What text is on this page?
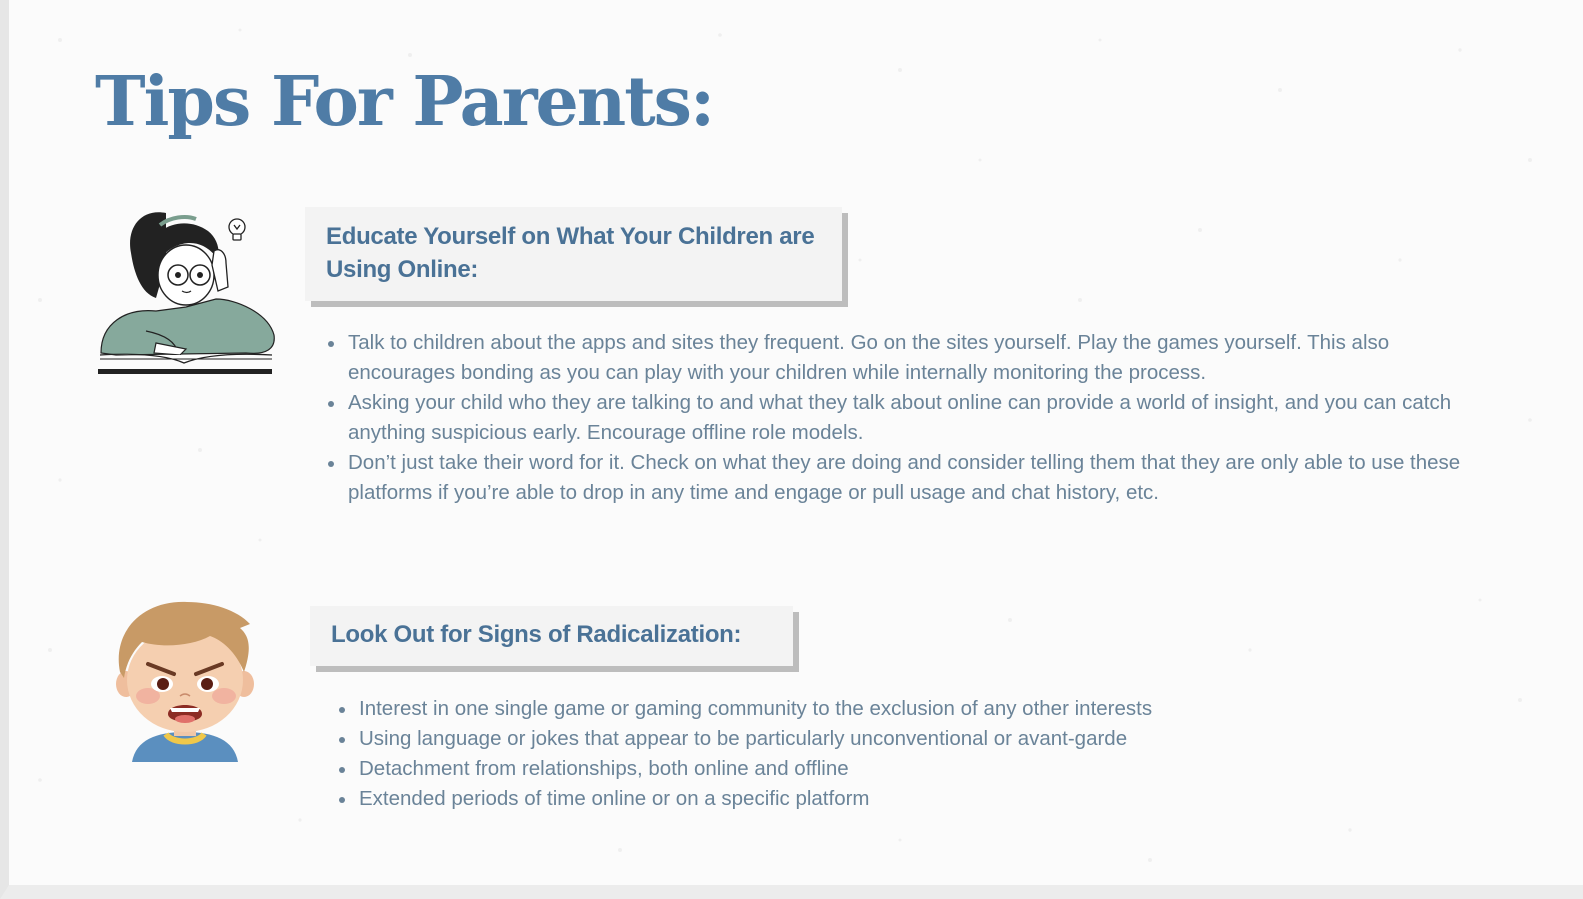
Tips For Parents:
Educate Yourself on What Your Children are Using Online:
Talk to children about the apps and sites they frequent. Go on the sites yourself. Play the games yourself. This also encourages bonding as you can play with your children while internally monitoring the process.
Asking your child who they are talking to and what they talk about online can provide a world of insight, and you can catch anything suspicious early. Encourage offline role models.
Don’t just take their word for it. Check on what they are doing and consider telling them that they are only able to use these platforms if you’re able to drop in any time and engage or pull usage and chat history, etc.
Look Out for Signs of Radicalization:
Interest in one single game or gaming community to the exclusion of any other interests
Using language or jokes that appear to be particularly unconventional or avant-garde
Detachment from relationships, both online and offline
Extended periods of time online or on a specific platform
